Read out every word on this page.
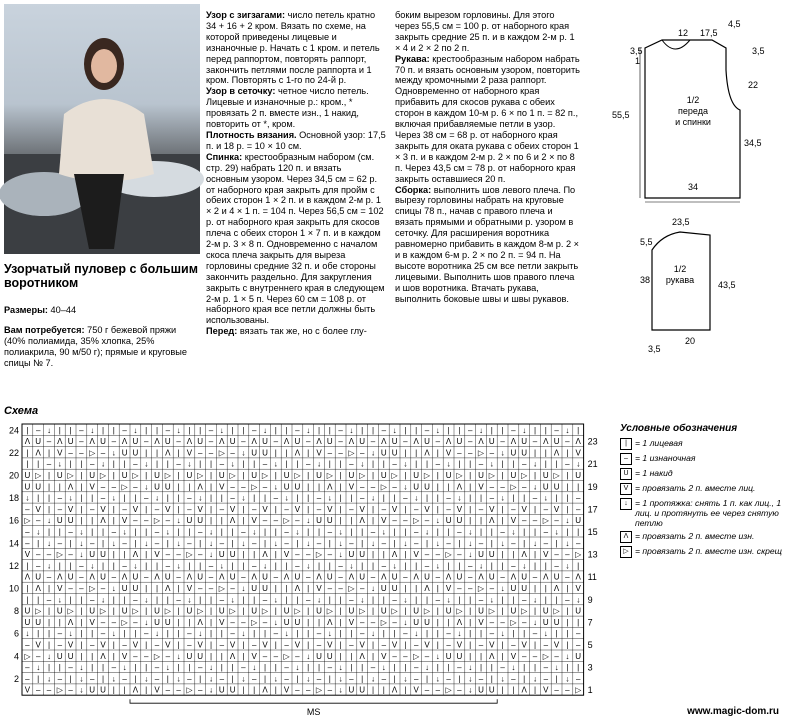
Узорчатый пуловер с большим воротником

Размеры: 40–44

Вам потребуется: 750 г бежевой пряжи (40% полиамида, 35% хлопка, 25% полиакрила, 90 м/50 г); прямые и круговые спицы № 7.

Узор с зигзагами: число петель кратно 34 + 16 + 2 кром. Вязать по схеме, на которой приведены лицевые и изнаночные р. Начать с 1 кром. и петель перед раппортом, повторять раппорт, закончить петлями после раппорта и 1 кром. Повторять с 1-го по 24-й р.

Узор в сеточку: четное число петель. Лицевые и изнаночные р.: кром., * провязать 2 п. вместе изн., 1 накид, повторить от *, кром.

Плотность вязания. Основной узор: 17,5 п. и 18 р. = 10 × 10 см.

Спинка: крестообразным набором (см. стр. 29) набрать 120 п. и вязать основным узором. Через 34,5 см = 62 р. от наборного края закрыть для пройм с обеих сторон 1 × 2 п. и в каждом 2-м р. 1 × 2 и 4 × 1 п. = 104 п. Через 56,5 см = 102 р. от наборного края закрыть для скосов плеча с обеих сторон 1 × 7 п. и в каждом 2-м р. 3 × 8 п. Одновременно с началом скоса плеча закрыть для выреза горловины средние 32 п. и обе стороны закончить раздельно. Для закругления закрыть с внутреннего края в следующем 2-м р. 1 × 5 п. Через 60 см = 108 р. от наборного края все петли должны быть использованы.

Перед: вязать так же, но с более глу-

боким вырезом горловины. Для этого через 55,5 см = 100 р. от наборного края закрыть средние 25 п. и в каждом 2-м р. 1 × 4 и 2 × 2 по 2 п.

Рукава: крестообразным набором набрать 70 п. и вязать основным узором, повторить между кромочными 2 раза раппорт. Одновременно от наборного края прибавить для скосов рукава с обеих сторон в каждом 10-м р. 6 × по 1 п. = 82 п., включая прибавляемые петли в узор. Через 38 см = 68 р. от наборного края закрыть для оката рукава с обеих сторон 1 × 3 п. и в каждом 2-м р. 2 × по 6 и 2 × по 8 п. Через 43,5 см = 78 р. от наборного края закрыть оставшиеся 20 п.

Сборка: выполнить шов левого плеча. По вырезу горловины набрать на круговые спицы 78 п., начав с правого плеча и вязать прямыми и обратными р. узором в сеточку. Для расширения воротника равномерно прибавить в каждом 8-м р. 2 × и в каждом 6-м р. 2 × по 2 п. = 94 п. На высоте воротника 25 см все петли закрыть лицевыми. Выполнить шов правого плеча и шов воротника. Втачать рукава, выполнить боковые швы и швы рукавов.

1/2
переда
и спинки
12 17,5
4,5
3,5
1
3,5
22
55,5
34,5
34
1/2
рукава
23,5
5,5
38	43,5
3,5
20
Схема
| – ↓ | | – ↓ | | – ↓ | | – ↓ | | – ↓ | | – ↓ | | – ↓ | | – ↓ | | – ↓ | | – ↓ | | – ↓ | | – ↓ | | – ↓ |
Λ U – Λ U – Λ U – Λ U – Λ U – Λ U – Λ U – Λ U – Λ U – Λ U – Λ U – Λ U – Λ U – Λ U – Λ U – Λ U – Λ U – Λ
| Λ | V – – ▷ – ↓ U U | | Λ | V – – ▷ – ↓ U U | | Λ | V – – ▷ – ↓ U U | | Λ | V – – ▷ – ↓ U U | | Λ | V
| | – ↓ | | – ↓ | | – ↓ | | – ↓ | | – ↓ | | – ↓ | | – ↓ | | – ↓ | | – ↓ | | – ↓ | | – ↓ | | – ↓ | | – ↓
U ▷ | U ▷ | U ▷ | U ▷ | U ▷ | U ▷ | U ▷ | U ▷ | U ▷ | U ▷ | U ▷ | U ▷ | U ▷ | U ▷ | U ▷ | U ▷ | U ▷ | U
U U | | Λ | V – – ▷ – ↓ U U | | Λ | V – – ▷ – ↓ U U | | Λ | V – – ▷ – ↓ U U | | Λ | V – – ▷ – ↓ U U | |
↓ | | – ↓ | | – ↓ | | – ↓ | | – ↓ | | – ↓ | | – ↓ | | – ↓ | | – ↓ | | – ↓ | | – ↓ | | – ↓ | | – ↓ | | –
– V | – V | – V | – V | – V | – V | – V | – V | – V | – V | – V | – V | – V | – V | – V | – V | – V | –
▷ – ↓ U U | | Λ | V – – ▷ – ↓ U U | | Λ | V – – ▷ – ↓ U U | | Λ | V – – ▷ – ↓ U U | | Λ | V – – ▷ – ↓ U
– ↓ | | – ↓ | | – ↓ | | – ↓ | | – ↓ | | – ↓ | | – ↓ | | – ↓ | | – ↓ | | – ↓ | | – ↓ | | – ↓ | | – ↓ | |
– | ↓ – | ↓ – | ↓ – | ↓ – | ↓ – | ↓ – | ↓ – | ↓ – | ↓ – | ↓ – | ↓ – | ↓ – | ↓ – | ↓ – | ↓ – | ↓ – | ↓ –
V – – ▷ – ↓ U U | | Λ | V – – ▷ – ↓ U U | | Λ | V – – ▷ – ↓ U U | | Λ | V – – ▷ – ↓ U U | | Λ | V – – ▷
| – ↓ | | – ↓ | | – ↓ | | – ↓ | | – ↓ | | – ↓ | | – ↓ | | – ↓ | | – ↓ | | – ↓ | | – ↓ | | – ↓ | | – ↓ |
Λ U – Λ U – Λ U – Λ U – Λ U – Λ U – Λ U – Λ U – Λ U – Λ U – Λ U – Λ U – Λ U – Λ U – Λ U – Λ U – Λ U – Λ
| Λ | V – – ▷ – ↓ U U | | Λ | V – – ▷ – ↓ U U | | Λ | V – – ▷ – ↓ U U | | Λ | V – – ▷ – ↓ U U | | Λ | V
| | – ↓ | | – ↓ | | – ↓ | | – ↓ | | – ↓ | | – ↓ | | – ↓ | | – ↓ | | – ↓ | | – ↓ | | – ↓ | | – ↓ | | – ↓
U ▷ | U ▷ | U ▷ | U ▷ | U ▷ | U ▷ | U ▷ | U ▷ | U ▷ | U ▷ | U ▷ | U ▷ | U ▷ | U ▷ | U ▷ | U ▷ | U ▷ | U
U U | | Λ | V – – ▷ – ↓ U U | | Λ | V – – ▷ – ↓ U U | | Λ | V – – ▷ – ↓ U U | | Λ | V – – ▷ – ↓ U U | |
↓ | | – ↓ | | – ↓ | | – ↓ | | – ↓ | | – ↓ | | – ↓ | | – ↓ | | – ↓ | | – ↓ | | – ↓ | | – ↓ | | – ↓ | | –
– V | – V | – V | – V | – V | – V | – V | – V | – V | – V | – V | – V | – V | – V | – V | – V | – V | –
▷ – ↓ U U | | Λ | V – – ▷ – ↓ U U | | Λ | V – – ▷ – ↓ U U | | Λ | V – – ▷ – ↓ U U | | Λ | V – – ▷ – ↓ U
– ↓ | | – ↓ | | – ↓ | | – ↓ | | – ↓ | | – ↓ | | – ↓ | | – ↓ | | – ↓ | | – ↓ | | – ↓ | | – ↓ | | – ↓ | |
– | ↓ – | ↓ – | ↓ – | ↓ – | ↓ – | ↓ – | ↓ – | ↓ – | ↓ – | ↓ – | ↓ – | ↓ – | ↓ – | ↓ – | ↓ – | ↓ – | ↓ –
V – – ▷ – ↓ U U | | Λ | V – – ▷ – ↓ U U | | Λ | V – – ▷ – ↓ U U | | Λ | V – – ▷ – ↓ U U | | Λ | V – – ▷
24
22
20
18
16
14
12
10
8
6
4
2
23
21
19
17
15
13
11
9
7
5
3
1
MS
Условные обозначения
| = 1 лицевая
– = 1 изнаночная
U = 1 накид
V = провязать 2 п. вместе лиц.
↓ = 1 протяжка: снять 1 п. как лиц., 1 лиц. и протянуть ее через снятую петлю
Λ = провязать 2 п. вместе изн.
▷ = провязать 2 п. вместе изн. скрещ
www.magic-dom.ru
